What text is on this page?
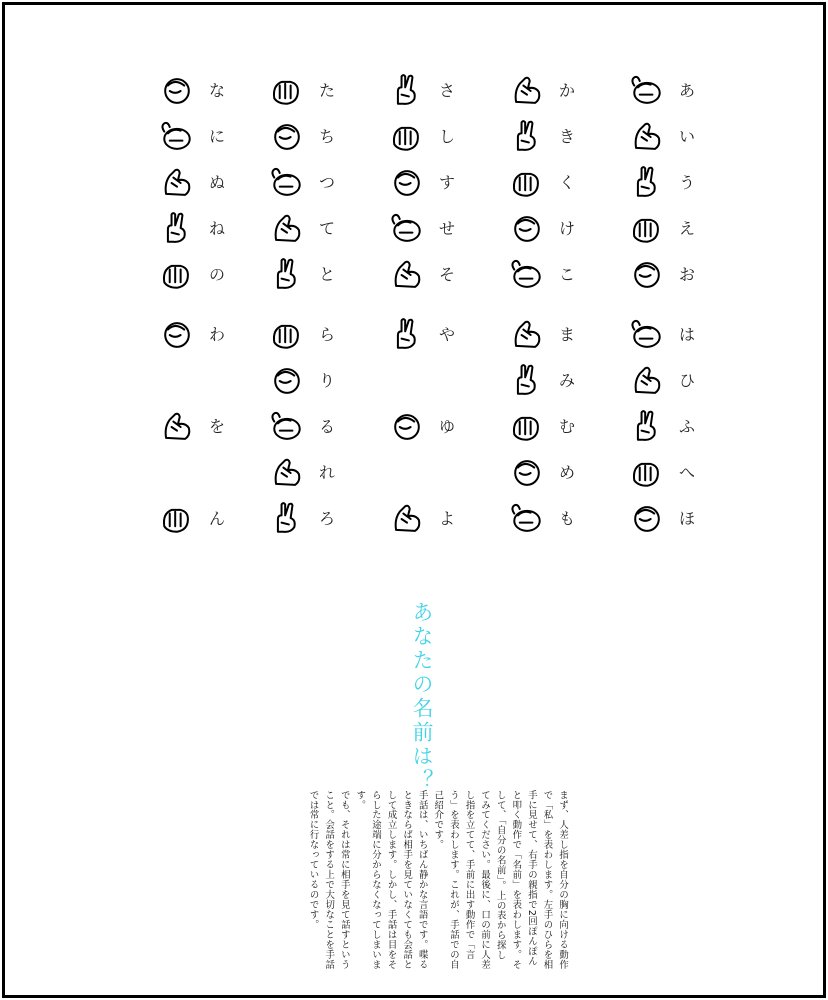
あ
い
う
え
お
か
き
く
け
こ
さ
し
す
せ
そ
た
ち
つ
て
と
な
に
ぬ
ね
の
は
ひ
ふ
へ
ほ
ま
み
む
め
も
や
ゆ
よ
ら
り
る
れ
ろ
わ
を
ん
あなたの名前は？

まず、人差し指を自分の胸に向ける動作で「私」を表わします。左手のひらを相手に見せて、右手の親指で2回ぽんぽんと叩く動作で「名前」を表わします。そして、「自分の名前」。上の表から探してみてください。最後に、口の前に人差し指を立てて、手前に出す動作で「言う」を表わします。これが、手話での自己紹介です。

手話は、いちばん静かな言語です。喋るときならば相手を見ていなくても会話として成立します。しかし、手話は目をそらした途端に分からなくなってしまいます。

でも、それは常に相手を見て話すということ。会話をする上で大切なことを手話では常に行なっているのです。
